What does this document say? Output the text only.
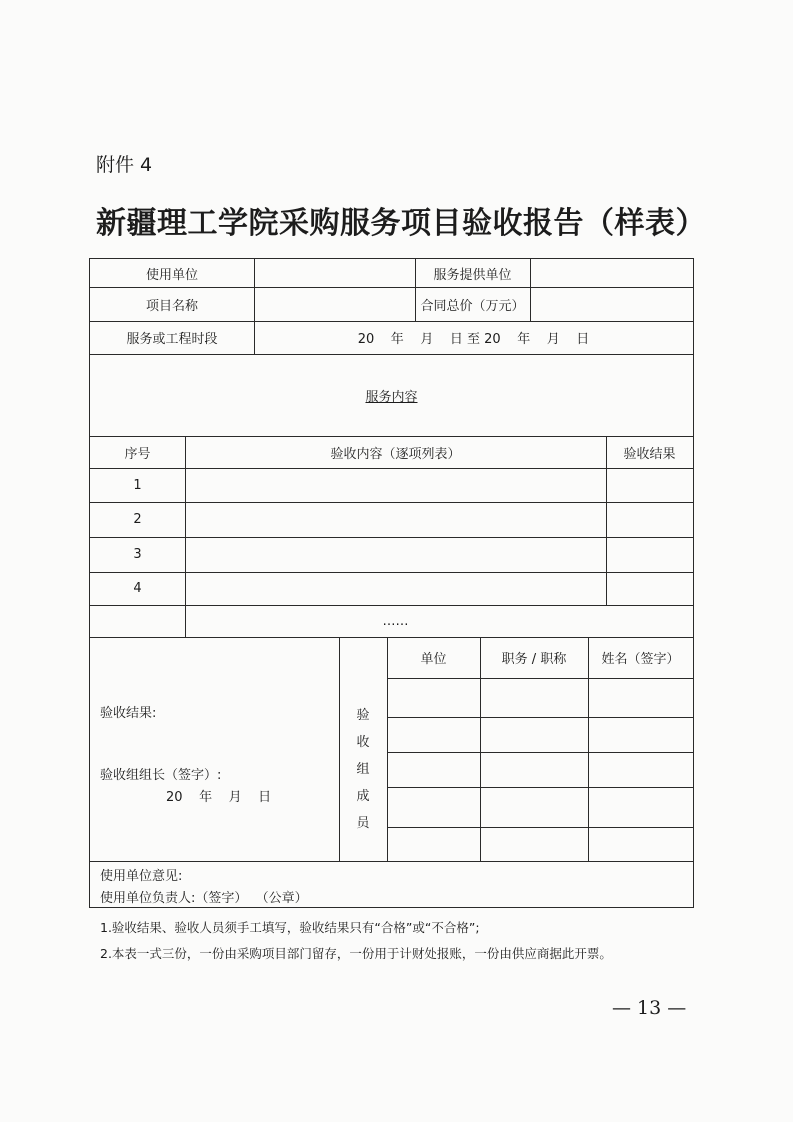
附件 4
新疆理工学院采购服务项目验收报告（样表）
使用单位	服务提供单位
项目名称	合同总价（万元）
服务或工程时段	20    年    月    日 至 20    年    月    日
服务内容
序号	验收内容（逐项列表）	验收结果
1
2
3
4
……
验收结果:
验收组组长（签字）:
20    年    月    日
验
收
组
成
员
单位	职务 / 职称	姓名（签字）
使用单位意见:
使用单位负责人:（签字）  （公章）
1.验收结果、验收人员须手工填写，验收结果只有“合格”或“不合格”;
2.本表一式三份，一份由采购项目部门留存，一份用于计财处报账，一份由供应商据此开票。
— 13 —
